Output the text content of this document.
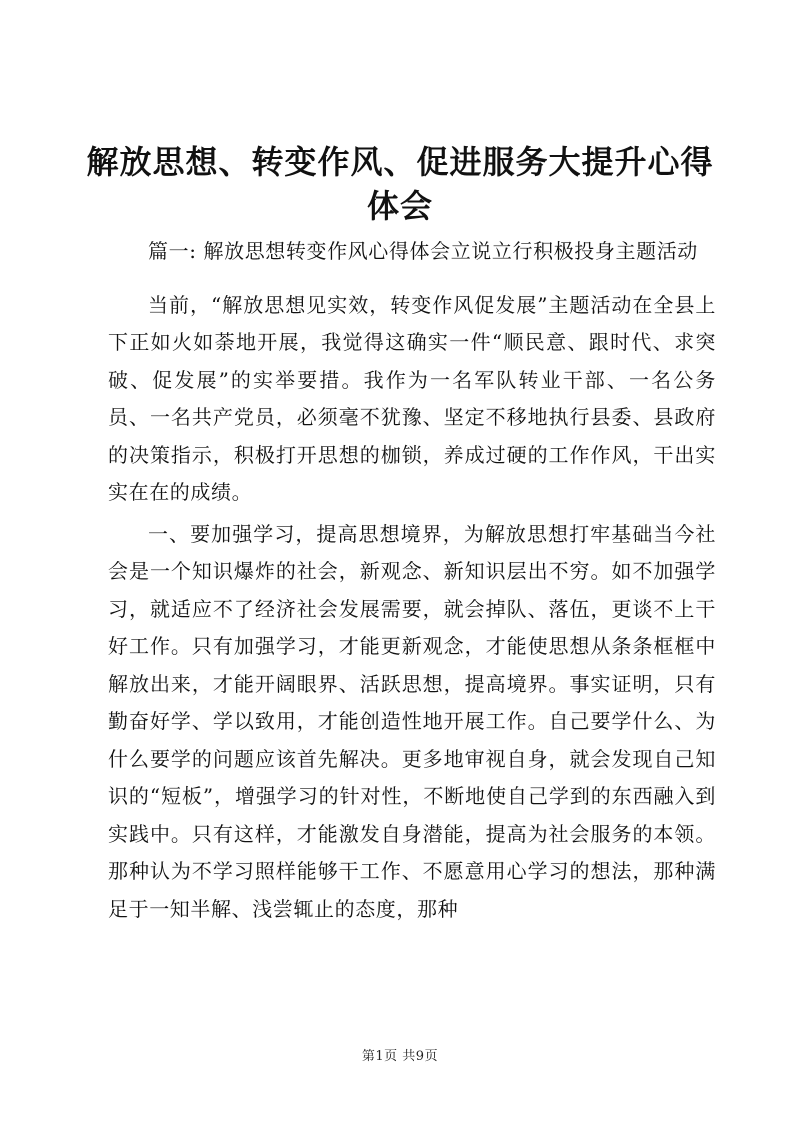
解放思想、转变作风、促进服务大提升心得体会

篇一: 解放思想转变作风心得体会立说立行积极投身主题活动

当前，“解放思想见实效，转变作风促发展”主题活动在全县上下正如火如荼地开展，我觉得这确实一件“顺民意、跟时代、求突破、促发展”的实举要措。我作为一名军队转业干部、一名公务员、一名共产党员，必须毫不犹豫、坚定不移地执行县委、县政府的决策指示，积极打开思想的枷锁，养成过硬的工作作风，干出实实在在的成绩。

一、要加强学习，提高思想境界，为解放思想打牢基础当今社会是一个知识爆炸的社会，新观念、新知识层出不穷。如不加强学习，就适应不了经济社会发展需要，就会掉队、落伍，更谈不上干好工作。只有加强学习，才能更新观念，才能使思想从条条框框中解放出来，才能开阔眼界、活跃思想，提高境界。事实证明，只有勤奋好学、学以致用，才能创造性地开展工作。自己要学什么、为什么要学的问题应该首先解决。更多地审视自身，就会发现自己知识的“短板”，增强学习的针对性，不断地使自己学到的东西融入到实践中。只有这样，才能激发自身潜能，提高为社会服务的本领。那种认为不学习照样能够干工作、不愿意用心学习的想法，那种满足于一知半解、浅尝辄止的态度，那种

第1页 共9页
